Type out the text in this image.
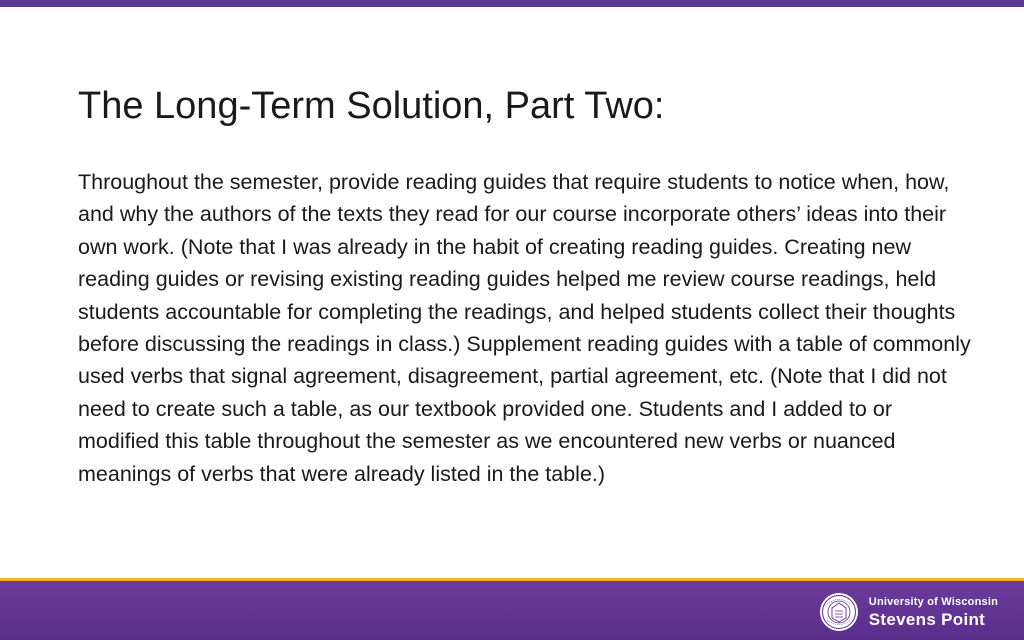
The Long-Term Solution, Part Two:

Throughout the semester, provide reading guides that require students to notice when, how, and why the authors of the texts they read for our course incorporate others’ ideas into their own work. (Note that I was already in the habit of creating reading guides. Creating new reading guides or revising existing reading guides helped me review course readings, held students accountable for completing the readings, and helped students collect their thoughts before discussing the readings in class.) Supplement reading guides with a table of commonly used verbs that signal agreement, disagreement, partial agreement, etc. (Note that I did not need to create such a table, as our textbook provided one. Students and I added to or modified this table throughout the semester as we encountered new verbs or nuanced meanings of verbs that were already listed in the table.)

University of Wisconsin
Stevens Point
